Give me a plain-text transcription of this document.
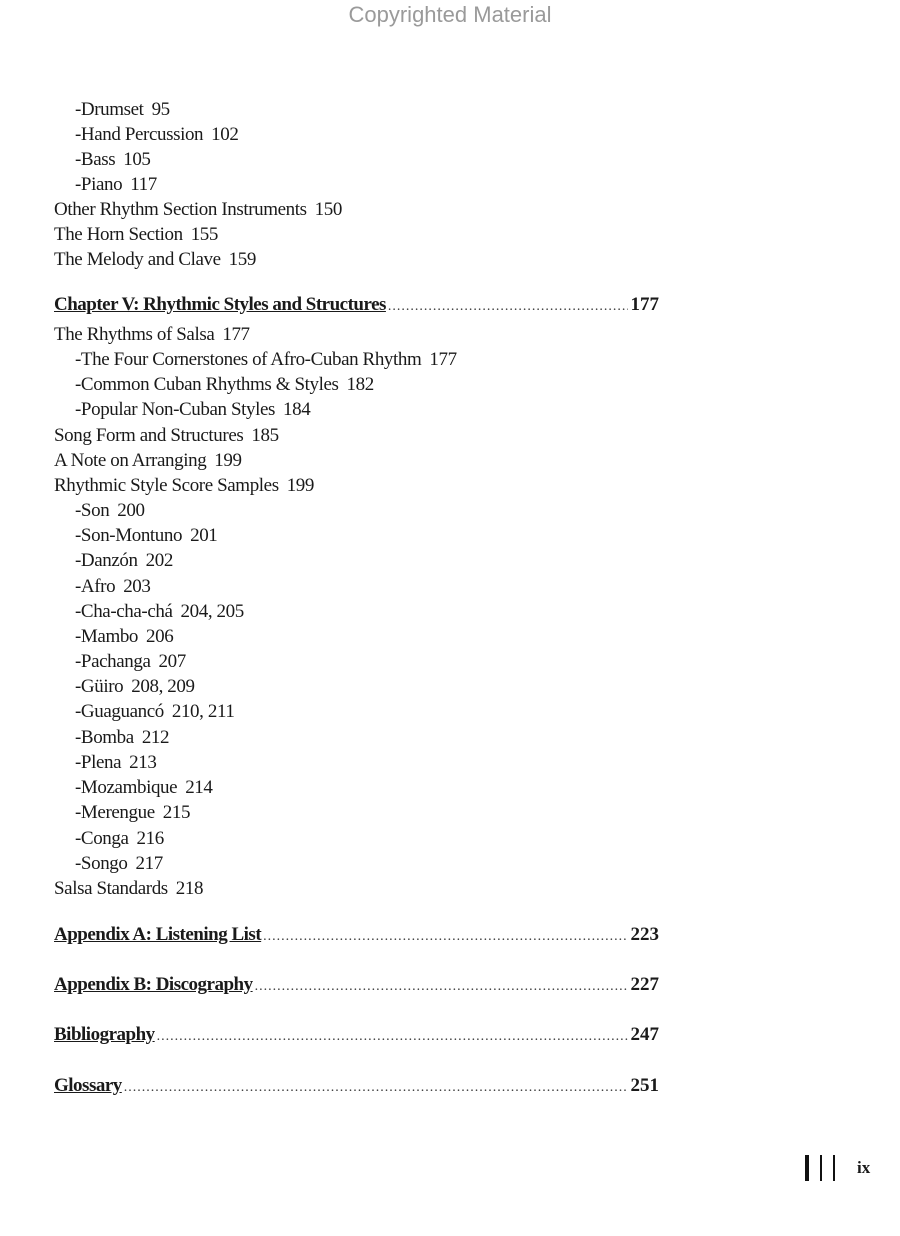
Copyrighted Material
-Drumset 95
-Hand Percussion 102
-Bass 105
-Piano 117
Other Rhythm Section Instruments 150
The Horn Section 155
The Melody and Clave 159
Chapter V: Rhythmic Styles and Structures .....	177
The Rhythms of Salsa 177
-The Four Cornerstones of Afro-Cuban Rhythm 177
-Common Cuban Rhythms & Styles 182
-Popular Non-Cuban Styles 184
Song Form and Structures 185
A Note on Arranging 199
Rhythmic Style Score Samples 199
-Son 200
-Son-Montuno 201
-Danzón 202
-Afro 203
-Cha-cha-chá 204, 205
-Mambo 206
-Pachanga 207
-Güiro 208, 209
-Guaguancó 210, 211
-Bomba 212
-Plena 213
-Mozambique 214
-Merengue 215
-Conga 216
-Songo 217
Salsa Standards 218
Appendix A: Listening List .....	223
Appendix B: Discography .....	227
Bibliography .....	247
Glossary .....	251
ix
